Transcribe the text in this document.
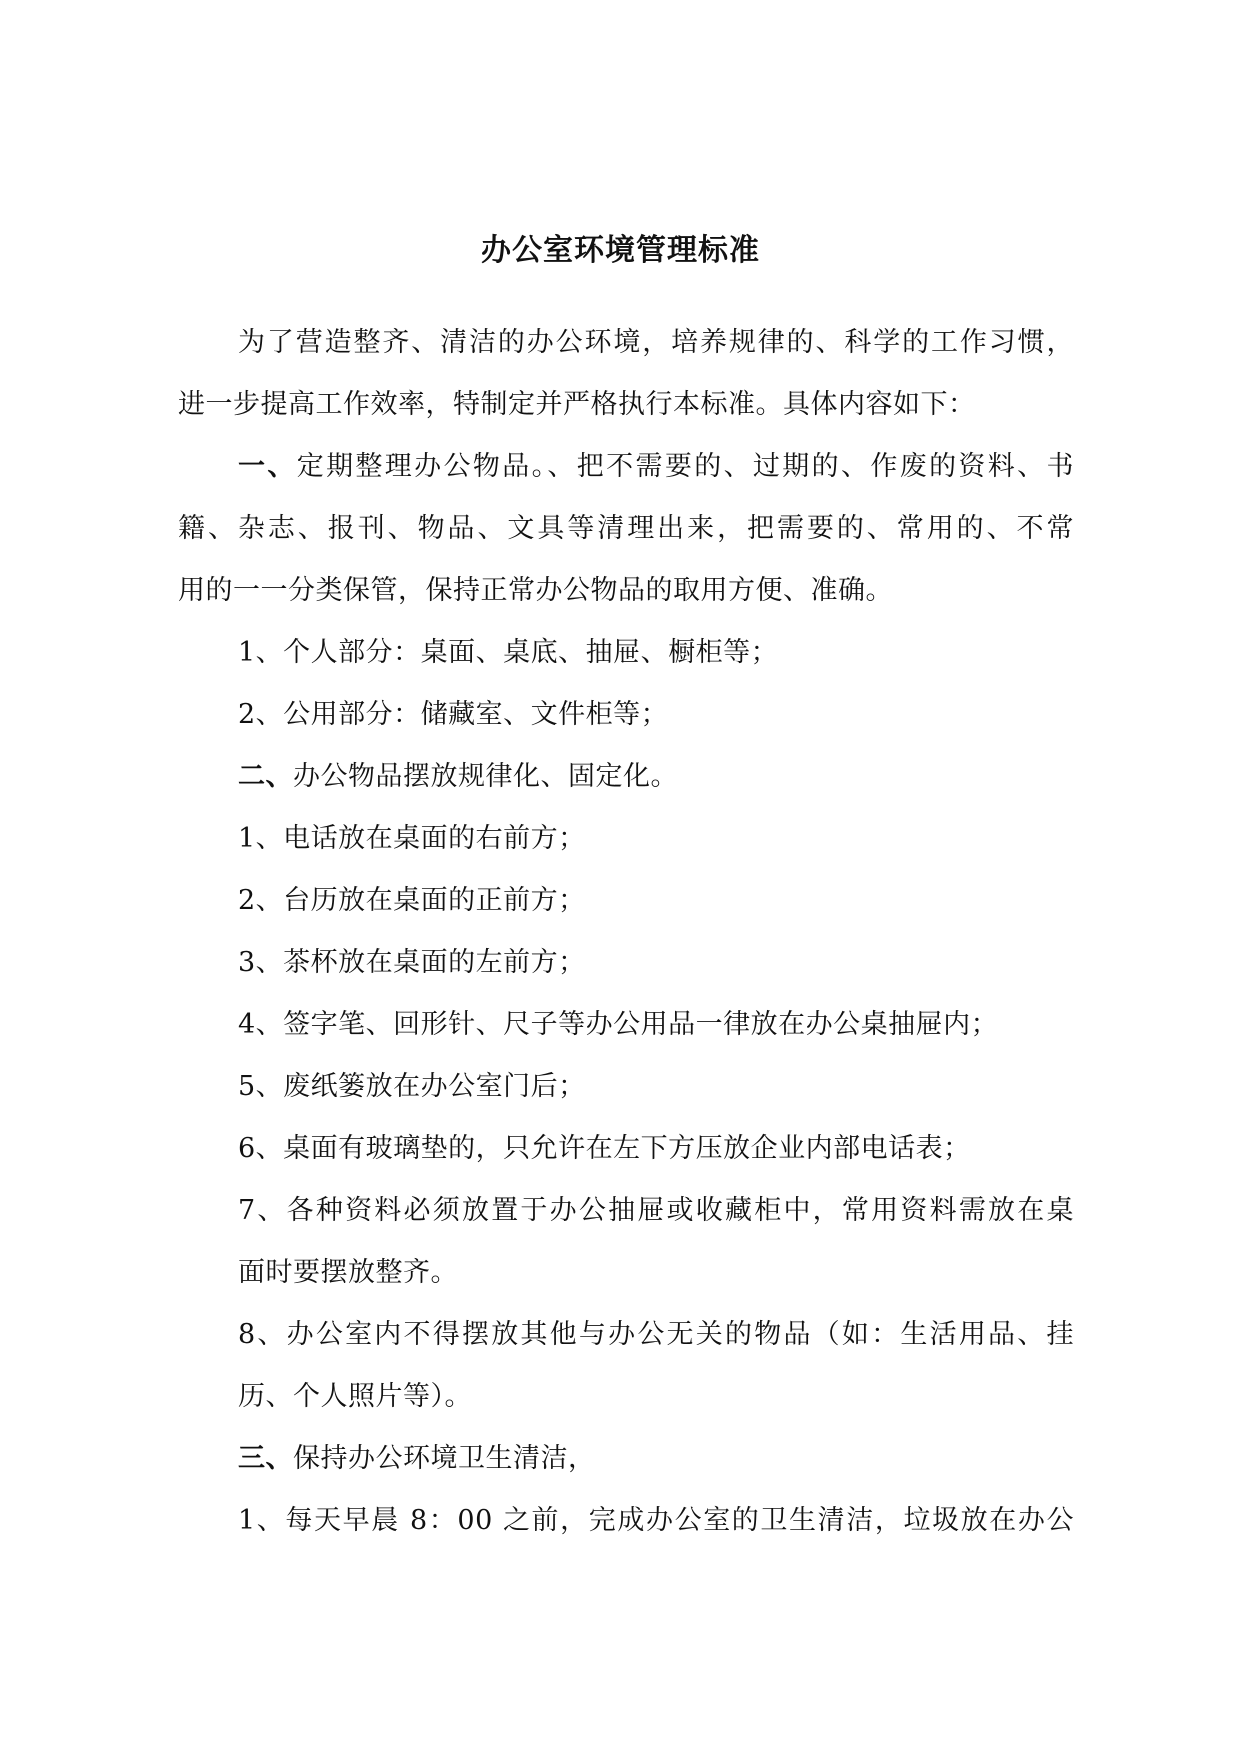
办公室环境管理标准
为了营造整齐、清洁的办公环境，培养规律的、科学的工作习惯，
进一步提高工作效率，特制定并严格执行本标准。具体内容如下：
一、定期整理办公物品。、把不需要的、过期的、作废的资料、书
籍、杂志、报刊、物品、文具等清理出来，把需要的、常用的、不常
用的一一分类保管，保持正常办公物品的取用方便、准确。
1、个人部分：桌面、桌底、抽屉、橱柜等；
2、公用部分：储藏室、文件柜等；
二、办公物品摆放规律化、固定化。
1、电话放在桌面的右前方；
2、台历放在桌面的正前方；
3、茶杯放在桌面的左前方；
4、签字笔、回形针、尺子等办公用品一律放在办公桌抽屉内；
5、废纸篓放在办公室门后；
6、桌面有玻璃垫的，只允许在左下方压放企业内部电话表；
7、各种资料必须放置于办公抽屉或收藏柜中，常用资料需放在桌
面时要摆放整齐。
8、办公室内不得摆放其他与办公无关的物品（如：生活用品、挂
历、个人照片等）。
三、保持办公环境卫生清洁，
1、每天早晨 8：00 之前，完成办公室的卫生清洁，垃圾放在办公
